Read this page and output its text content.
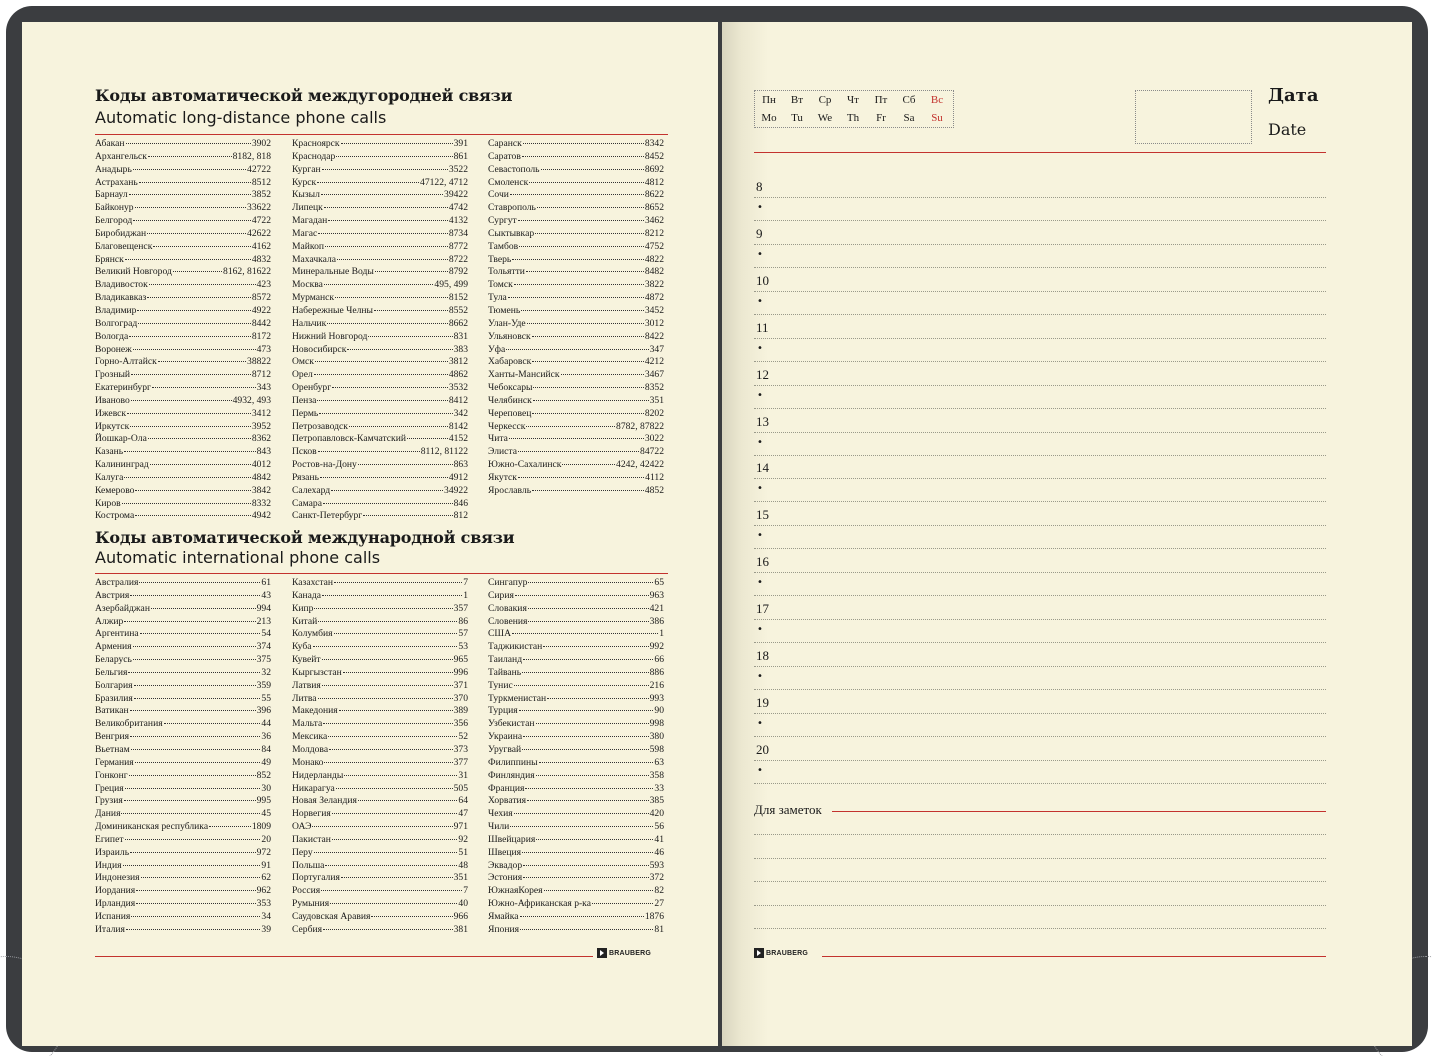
Коды автоматической междугородней связи
Automatic long-distance phone calls
Абакан	3902
Архангельск	8182, 818
Анадырь	42722
Астрахань	8512
Барнаул	3852
Байконур	33622
Белгород	4722
Биробиджан	42622
Благовещенск	4162
Брянск	4832
Великий Новгород	8162, 81622
Владивосток	423
Владикавказ	8572
Владимир	4922
Волгоград	8442
Вологда	8172
Воронеж	473
Горно-Алтайск	38822
Грозный	8712
Екатеринбург	343
Иваново	4932, 493
Ижевск	3412
Иркутск	3952
Йошкар-Ола	8362
Казань	843
Калининград	4012
Калуга	4842
Кемерово	3842
Киров	8332
Кострома	4942
Красноярск	391
Краснодар	861
Курган	3522
Курск	47122, 4712
Кызыл	39422
Липецк	4742
Магадан	4132
Магас	8734
Майкоп	8772
Махачкала	8722
Минеральные Воды	8792
Москва	495, 499
Мурманск	8152
Набережные Челны	8552
Нальчик	8662
Нижний Новгород	831
Новосибирск	383
Омск	3812
Орел	4862
Оренбург	3532
Пенза	8412
Пермь	342
Петрозаводск	8142
Петропавловск-Камчатский	4152
Псков	8112, 81122
Ростов-на-Дону	863
Рязань	4912
Салехард	34922
Самара	846
Санкт-Петербург	812
Саранск	8342
Саратов	8452
Севастополь	8692
Смоленск	4812
Сочи	8622
Ставрополь	8652
Сургут	3462
Сыктывкар	8212
Тамбов	4752
Тверь	4822
Тольятти	8482
Томск	3822
Тула	4872
Тюмень	3452
Улан-Уде	3012
Ульяновск	8422
Уфа	347
Хабаровск	4212
Ханты-Мансийск	3467
Чебоксары	8352
Челябинск	351
Череповец	8202
Черкесск	8782, 87822
Чита	3022
Элиста	84722
Южно-Сахалинск	4242, 42422
Якутск	4112
Ярославль	4852
Коды автоматической международной связи
Automatic international phone calls
Австралия	61
Австрия	43
Азербайджан	994
Алжир	213
Аргентина	54
Армения	374
Беларусь	375
Бельгия	32
Болгария	359
Бразилия	55
Ватикан	396
Великобритания	44
Венгрия	36
Вьетнам	84
Германия	49
Гонконг	852
Греция	30
Грузия	995
Дания	45
Доминиканская республика	1809
Египет	20
Израиль	972
Индия	91
Индонезия	62
Иордания	962
Ирландия	353
Испания	34
Италия	39
Казахстан	7
Канада	1
Кипр	357
Китай	86
Колумбия	57
Куба	53
Кувейт	965
Кыргызстан	996
Латвия	371
Литва	370
Македония	389
Мальта	356
Мексика	52
Молдова	373
Монако	377
Нидерланды	31
Никарагуа	505
Новая Зеландия	64
Норвегия	47
ОАЭ	971
Пакистан	92
Перу	51
Польша	48
Португалия	351
Россия	7
Румыния	40
Саудовская Аравия	966
Сербия	381
Сингапур	65
Сирия	963
Словакия	421
Словения	386
США	1
Таджикистан	992
Таиланд	66
Тайвань	886
Тунис	216
Туркменистан	993
Турция	90
Узбекистан	998
Украина	380
Уругвай	598
Филиппины	63
Финляндия	358
Франция	33
Хорватия	385
Чехия	420
Чили	56
Швейцария	41
Швеция	46
Эквадор	593
Эстония	372
ЮжнаяКорея	82
Южно-Африканская р-ка	27
Ямайка	1876
Япония	81
BRAUBERG
Пн	Вт	Ср	Чт	Пт	Сб	Вс
Mo	Tu	We	Th	Fr	Sa	Su
Дата
Date
8
•
9
•
10
•
11
•
12
•
13
•
14
•
15
•
16
•
17
•
18
•
19
•
20
•
Для заметок
BRAUBERG
